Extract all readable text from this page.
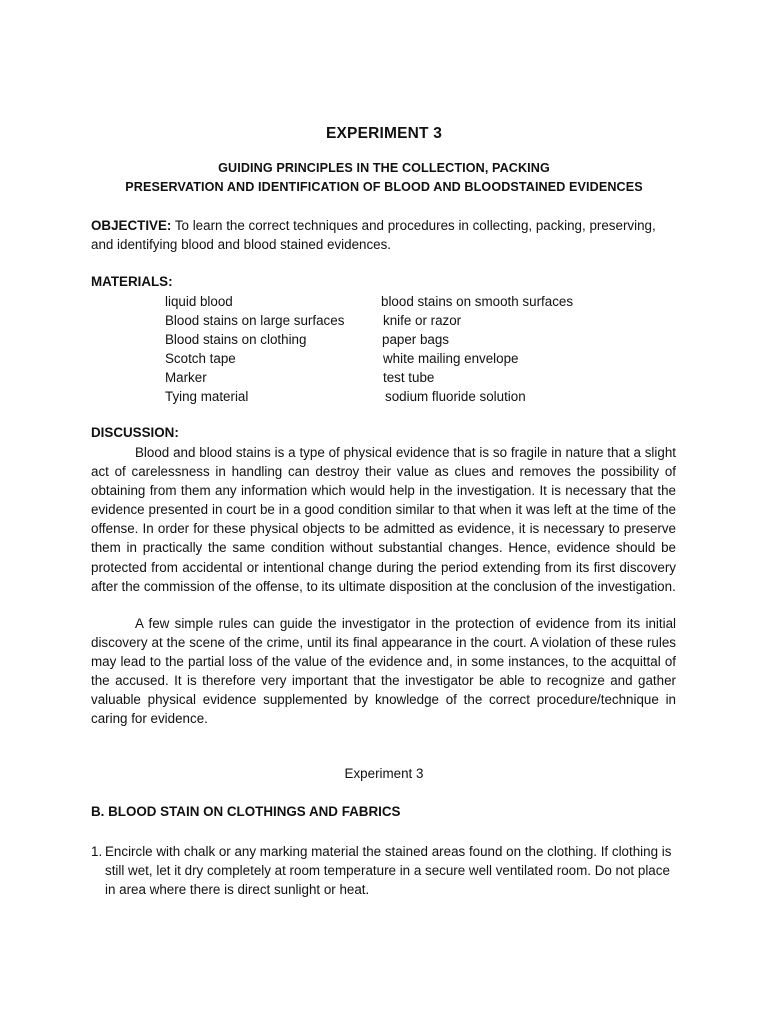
EXPERIMENT 3
GUIDING PRINCIPLES IN THE COLLECTION, PACKING
PRESERVATION AND IDENTIFICATION OF BLOOD AND BLOODSTAINED EVIDENCES
OBJECTIVE: To learn the correct techniques and procedures in collecting, packing, preserving, and identifying blood and blood stained evidences.
MATERIALS:
liquid blood
Blood stains on large surfaces
Blood stains on clothing
Scotch tape
Marker
Tying material
blood stains on smooth surfaces
knife or razor
paper bags
white mailing envelope
test tube
sodium fluoride solution
DISCUSSION:

Blood and blood stains is a type of physical evidence that is so fragile in nature that a slight act of carelessness in handling can destroy their value as clues and removes the possibility of obtaining from them any information which would help in the investigation. It is necessary that the evidence presented in court be in a good condition similar to that when it was left at the time of the offense. In order for these physical objects to be admitted as evidence, it is necessary to preserve them in practically the same condition without substantial changes. Hence, evidence should be protected from accidental or intentional change during the period extending from its first discovery after the commission of the offense, to its ultimate disposition at the conclusion of the investigation.

A few simple rules can guide the investigator in the protection of evidence from its initial discovery at the scene of the crime, until its final appearance in the court. A violation of these rules may lead to the partial loss of the value of the evidence and, in some instances, to the acquittal of the accused. It is therefore very important that the investigator be able to recognize and gather valuable physical evidence supplemented by knowledge of the correct procedure/technique in caring for evidence.

Experiment 3
B. BLOOD STAIN ON CLOTHINGS AND FABRICS
1. Encircle with chalk or any marking material the stained areas found on the clothing. If clothing is still wet, let it dry completely at room temperature in a secure well ventilated room. Do not place in area where there is direct sunlight or heat.
